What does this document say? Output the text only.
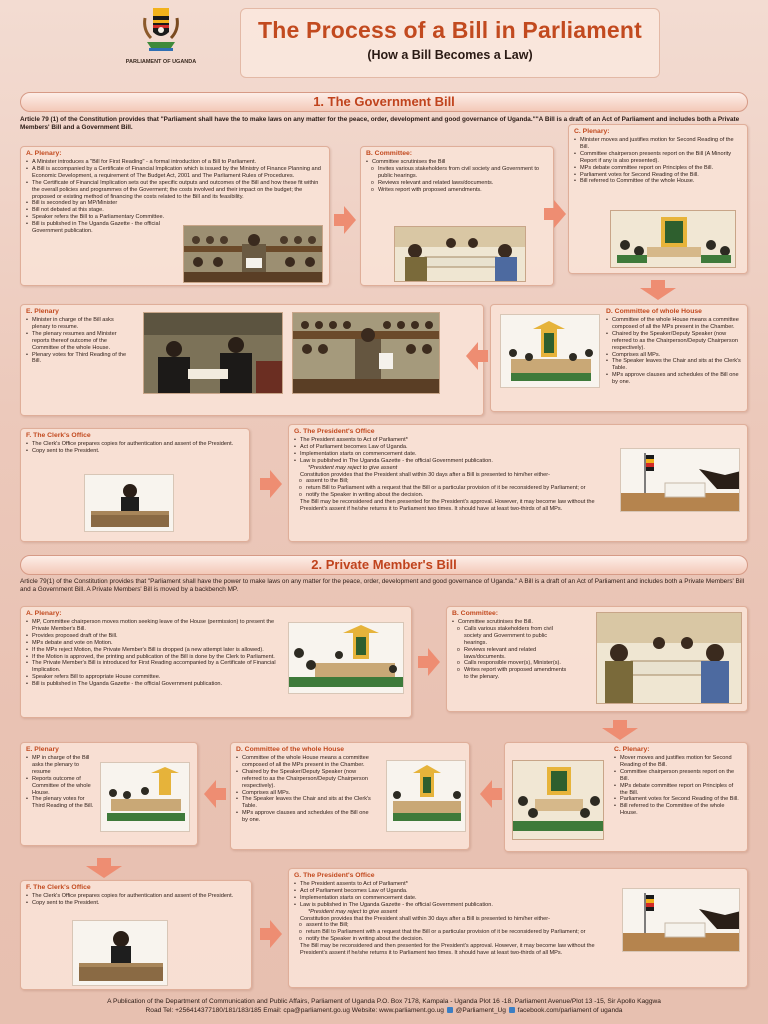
PARLIAMENT OF UGANDA
The Process of a Bill in Parliament
(How a Bill Becomes a Law)
1. The Government Bill
Article 79 (1) of the Constitution provides that "Parliament shall have the to make laws on any matter for the peace, order, development and good governance of Uganda.""A Bill is a draft of an Act of Parliament and includes both a Private Members' Bill and a Government Bill.
A. Plenary:
• A Minister introduces a "Bill for First Reading" - a formal introduction of a Bill to Parliament.
• A Bill is accompanied by a Certificate of Financial Implication which is issued by the Ministry of Finance Planning and Economic Development, a requirement of The Budget Act, 2001 and The Parliament Rules of Procedures.
• The Certificate of Financial Implication sets out the specific outputs and outcomes of the Bill and how these fit within the overall policies and programmes of the Goverment; the costs involved and their impact on the budget; the proposed or existing method of financing the costs related to the Bill and its feasibility.
• Bill is seconded by an MP/Minister
• Bill not debated at this stage.
• Speaker refers the Bill to a Parliamentary Committee.
• Bill is published in The Uganda Gazette - the official Government publication.
B. Committee:
• Committee scrutinises the Bill
o Invites various stakeholders from civil society and Government to public hearings.
o Reviews relevant and related laws/documents.
o Writes report with proposed amendments.
C. Plenary:
• Minister moves and justifies motion for Second Reading of the Bill.
• Committee chairperson presents report on the Bill (A Minority Report if any is also presented).
• MPs debate committee report on Principles of the Bill.
• Parliament votes for Second Reading of the Bill.
• Bill referred to Committee of the whole House.
E. Plenary
• Minister in charge of the Bill asks plenary to resume.
• The plenary resumes and Minister reports thereof outcome of the Committee of the whole House.
• Plenary votes for Third Reading of the Bill.
D. Committee of whole House
• Committee of the whole House means a committee composed of all the MPs present in the Chamber.
• Chaired by the Speaker/Deputy Speaker (now referred to as the Chairperson/Deputy Chairperson respectively).
• Comprises all MPs.
• The Speaker leaves the Chair and sits at the Clerk's Table.
• MPs approve clauses and schedules of the Bill one by one.
F. The Clerk's Office
• The Clerk's Office prepares copies for authentication and assent of the President.
• Copy sent to the President.
G. The President's Office
• The President assents to Act of Parliament*
• Act of Parliament becomes Law of Uganda.
• Implementation starts on commencement date.
• Law is published in The Uganda Gazette - the official Government publication.
*President may reject to give assent
Constitution provides that the President shall within 30 days after a Bill is presented to him/her either-
o assent to the Bill;
o return Bill to Parliament with a request that the Bill or a particular provision of it be reconsidered by Parliament; or
o notify the Speaker in writing about the decision.
The Bill may be reconsidered and then presented for the President's approval. However, it may become law without the President's assent if he/she returns it to Parliament two times. It should have at least two-thirds of all MPs.
2. Private Member's Bill
Article 79(1) of the Constitution provides that "Parliament shall have the power to make laws on any matter for the peace, order, development and good governance of Uganda." A Bill is a draft of an Act of Parliament and includes both a Private Members' Bill and a Government Bill. A Private Members' Bill is moved by a backbench MP.
A. Plenary:
• MP, Committee chairperson moves motion seeking leave of the House (permission) to present the Private Member's Bill.
• Provides proposed draft of the Bill.
• MPs debate and vote on Motion.
• If the MPs reject Motion, the Private Member's Bill is dropped (a new attempt later is allowed).
• If the Motion is approved, the printing and publication of the Bill is done by the Clerk to Parliament.
• The Private Member's Bill is introduced for First Reading accompanied by a Certificate of Financial Implication.
• Speaker refers Bill to appropriate House committee.
• Bill is published in The Uganda Gazette - the official Government publication.
B. Committee:
• Committee scrutinises the Bill.
o Calls various stakeholders from civil society and Government to public hearings.
o Reviews relevant and related laws/documents.
o Calls responsible mover(s), Minister(s).
o Writes report with proposed amendments to the plenary.
E. Plenary
• MP in charge of the Bill asks the plenary to resume
• Reports outcome of Committee of the whole House.
• The plenary votes for Third Reading of the Bill.
D. Committee of the whole House
• Committee of the whole House means a committee composed of all the MPs present in the Chamber.
• Chaired by the Speaker/Deputy Speaker (now referred to as the Chairperson/Deputy Chairperson respectively).
• Comprises all MPs.
• The Speaker leaves the Chair and sits at the Clerk's Table.
• MPs approve clauses and schedules of the Bill one by one.
C. Plenary:
• Mover moves and justifies motion for Second Reading of the Bill.
• Committee chairperson presents report on the Bill.
• MPs debate committee report on Principles of the Bill.
• Parliament votes for Second Reading of the Bill.
• Bill referred to the Committee of the whole House.
F. The Clerk's Office
• The Clerk's Office prepares copies for authentication and assent of the President.
• Copy sent to the President.
G. The President's Office
• The President assents to Act of Parliament*
• Act of Parliament becomes Law of Uganda.
• Implementation starts on commencement date.
• Law is published in The Uganda Gazette - the official Government publication.
*President may reject to give assent
Constitution provides that the President shall within 30 days after a Bill is presented to him/her either-
o assent to the Bill;
o return Bill to Parliament with a request that the Bill or a particular provision of it be reconsidered by Parliament; or
o notify the Speaker in writing about the decision.
The Bill may be reconsidered and then presented for the President's approval. However, it may become law without the President's assent if he/she returns it to Parliament two times. It should have at least two-thirds of all MPs.
A Publication of the Department of Communication and Public Affairs, Parliament of Uganda P.O. Box 7178, Kampala - Uganda Plot 16 -18, Parliament Avenue/Plot 13 -15, Sir Apollo Kaggwa
Road Tel: +256414377180/181/183/185 Email: cpa@parliament.go.ug Website: www.parliament.go.ug @Parliament_Ug facebook.com/parliament of uganda
